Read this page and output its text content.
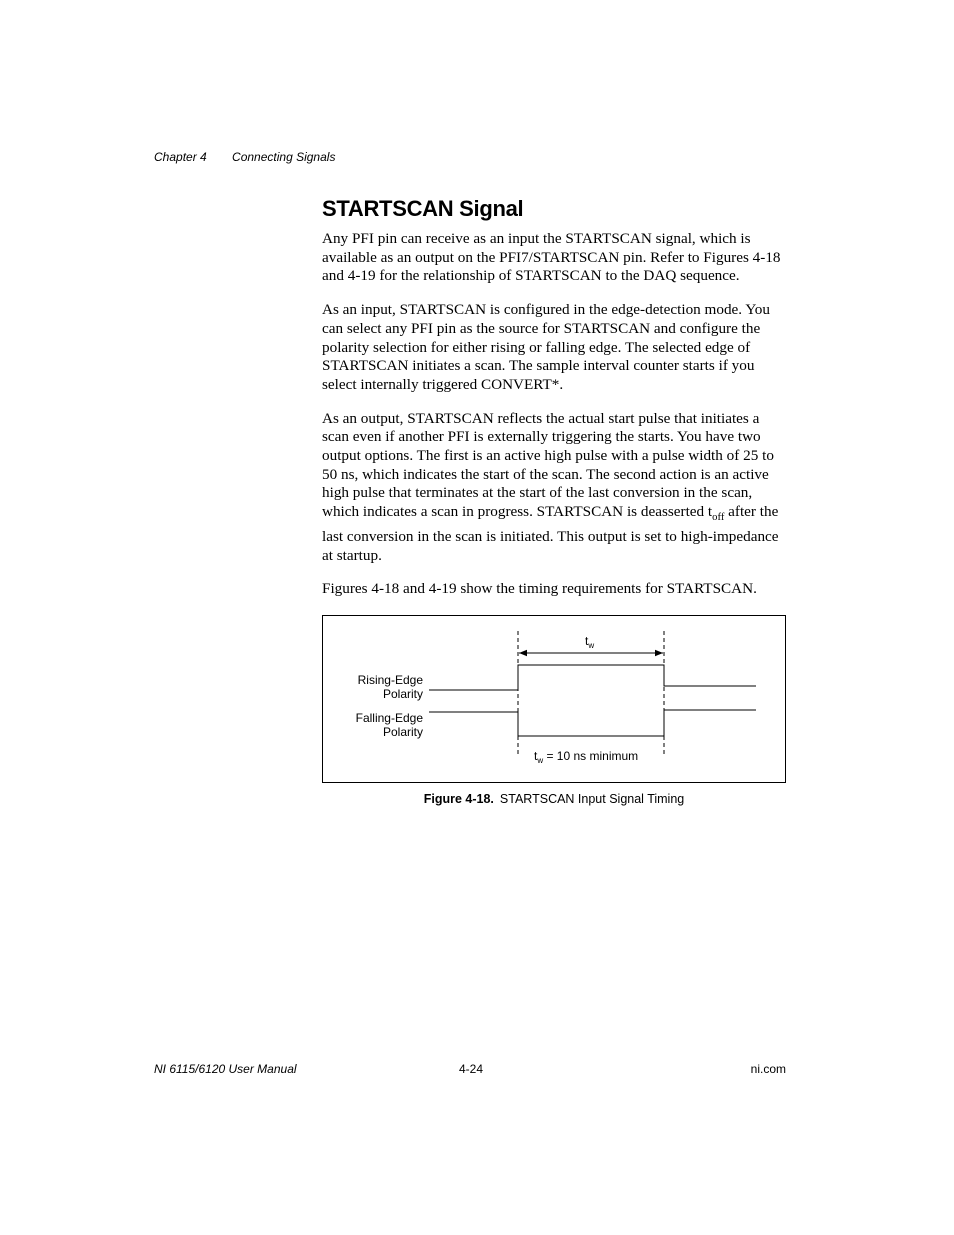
Chapter 4 Connecting Signals
STARTSCAN Signal

Any PFI pin can receive as an input the STARTSCAN signal, which is available as an output on the PFI7/STARTSCAN pin. Refer to Figures 4-18 and 4-19 for the relationship of STARTSCAN to the DAQ sequence.

As an input, STARTSCAN is configured in the edge-detection mode. You can select any PFI pin as the source for STARTSCAN and configure the polarity selection for either rising or falling edge. The selected edge of STARTSCAN initiates a scan. The sample interval counter starts if you select internally triggered CONVERT*.

As an output, STARTSCAN reflects the actual start pulse that initiates a scan even if another PFI is externally triggering the starts. You have two output options. The first is an active high pulse with a pulse width of 25 to 50 ns, which indicates the start of the scan. The second action is an active high pulse that terminates at the start of the last conversion in the scan, which indicates a scan in progress. STARTSCAN is deasserted $t_{off}$ after the last conversion in the scan is initiated. This output is set to high-impedance at startup.

Figures 4-18 and 4-19 show the timing requirements for STARTSCAN.

$t_w$
Rising-Edge
Polarity
Falling-Edge
Polarity
$t_w = 10$ ns minimum
Figure 4-18. STARTSCAN Input Signal Timing
NI 6115/6120 User Manual	4-24	ni.com
